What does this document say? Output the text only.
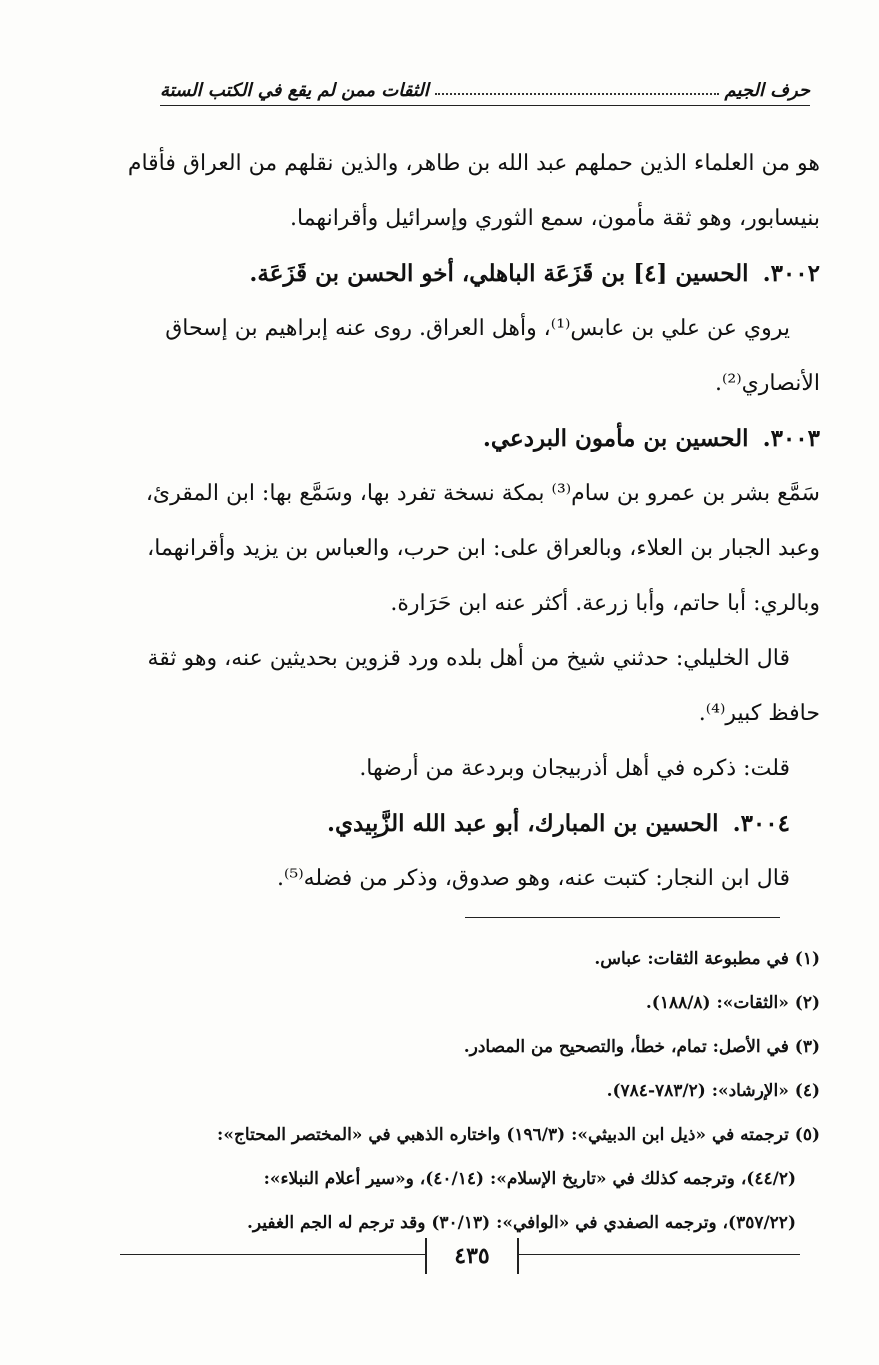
حرف الجيم
الثقات ممن لم يقع في الكتب الستة

هو من العلماء الذين حملهم عبد الله بن طاهر، والذين نقلهم من العراق فأقام

بنيسابور، وهو ثقة مأمون، سمع الثوري وإسرائيل وأقرانهما.

٣٠٠٢.الحسين [٤] بن قَزَعَة الباهلي، أخو الحسن بن قَزَعَة.

يروي عن علي بن عابس⁽¹⁾، وأهل العراق. روى عنه إبراهيم بن إسحاق

الأنصاري⁽²⁾.

٣٠٠٣.الحسين بن مأمون البردعي.

سَمَّع بشر بن عمرو بن سام⁽³⁾ بمكة نسخة تفرد بها، وسَمَّع بها: ابن المقرئ،

وعبد الجبار بن العلاء، وبالعراق على: ابن حرب، والعباس بن يزيد وأقرانهما،

وبالري: أبا حاتم، وأبا زرعة. أكثر عنه ابن حَرَارة.

قال الخليلي: حدثني شيخ من أهل بلده ورد قزوين بحديثين عنه، وهو ثقة

حافظ كبير⁽⁴⁾.

قلت: ذكره في أهل أذربيجان وبردعة من أرضها.

٣٠٠٤.الحسين بن المبارك، أبو عبد الله الزَّبِيدي.

قال ابن النجار: كتبت عنه، وهو صدوق، وذكر من فضله⁽⁵⁾.

(١) في مطبوعة الثقات: عباس.

(٢) «الثقات»: (١٨٨/٨).

(٣) في الأصل: تمام، خطأ، والتصحيح من المصادر.

(٤) «الإرشاد»: (٧٨٣/٢-٧٨٤).

(٥) ترجمته في «ذيل ابن الدبيثي»: (١٩٦/٣) واختاره الذهبي في «المختصر المحتاج»:

(٤٤/٢)، وترجمه كذلك في «تاريخ الإسلام»: (٤٠/١٤)، و«سير أعلام النبلاء»:

(٣٥٧/٢٢)، وترجمه الصفدي في «الوافي»: (٣٠/١٣) وقد ترجم له الجم الغفير.

٤٣٥
